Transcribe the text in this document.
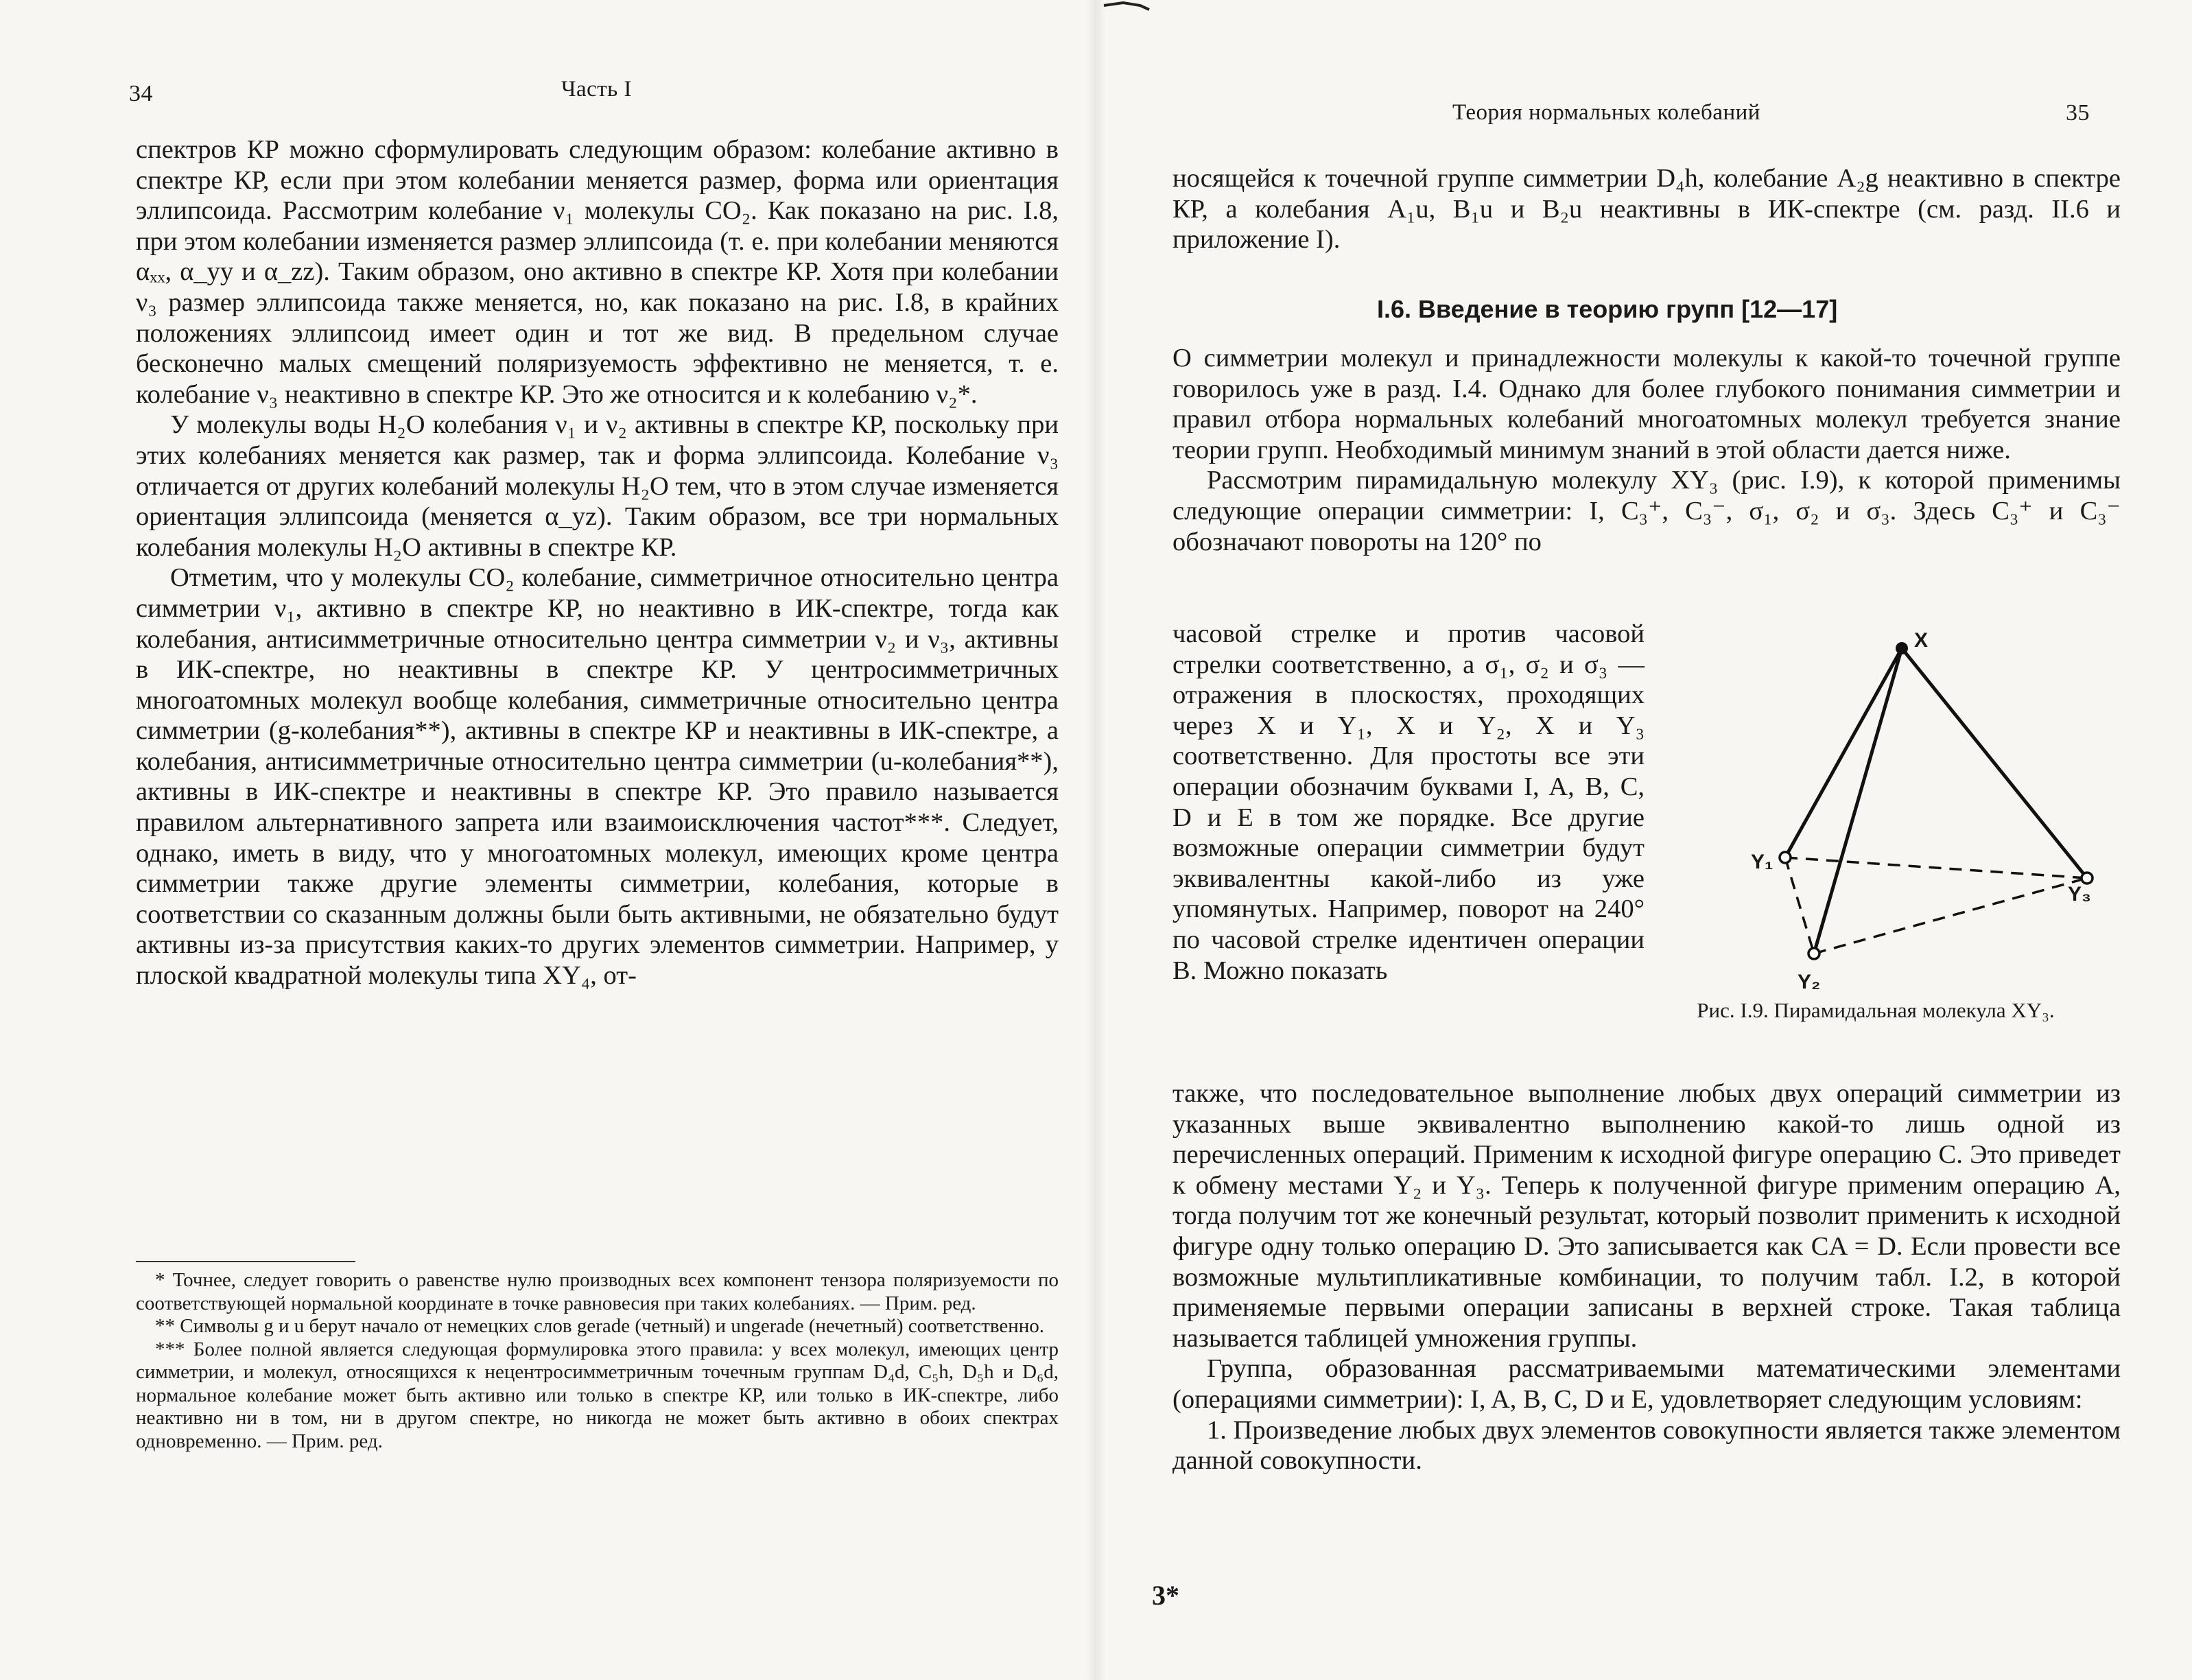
34	Часть I

спектров КР можно сформулировать следующим образом: колебание активно в спектре КР, если при этом колебании меняется размер, форма или ориентация эллипсоида. Рассмотрим колебание ν₁ молекулы CO₂. Как показано на рис. I.8, при этом колебании изменяется размер эллипсоида (т. е. при колебании меняются αₓₓ, α_yy и α_zz). Таким образом, оно активно в спектре КР. Хотя при колебании ν₃ размер эллипсоида также меняется, но, как показано на рис. I.8, в крайних положениях эллипсоид имеет один и тот же вид. В предельном случае бесконечно малых смещений поляризуемость эффективно не меняется, т. е. колебание ν₃ неактивно в спектре КР. Это же относится и к колебанию ν₂*.

У молекулы воды H₂O колебания ν₁ и ν₂ активны в спектре КР, поскольку при этих колебаниях меняется как размер, так и форма эллипсоида. Колебание ν₃ отличается от других колебаний молекулы H₂O тем, что в этом случае изменяется ориентация эллипсоида (меняется α_yz). Таким образом, все три нормальных колебания молекулы H₂O активны в спектре КР.

Отметим, что у молекулы CO₂ колебание, симметричное относительно центра симметрии ν₁, активно в спектре КР, но неактивно в ИК-спектре, тогда как колебания, антисимметричные относительно центра симметрии ν₂ и ν₃, активны в ИК-спектре, но неактивны в спектре КР. У центросимметричных многоатомных молекул вообще колебания, симметричные относительно центра симметрии (g-колебания**), активны в спектре КР и неактивны в ИК-спектре, а колебания, антисимметричные относительно центра симметрии (u-колебания**), активны в ИК-спектре и неактивны в спектре КР. Это правило называется правилом альтернативного запрета или взаимоисключения частот***. Следует, однако, иметь в виду, что у многоатомных молекул, имеющих кроме центра симметрии также другие элементы симметрии, колебания, которые в соответствии со сказанным должны были быть активными, не обязательно будут активны из-за присутствия каких-то других элементов симметрии. Например, у плоской квадратной молекулы типа XY₄, от-

* Точнее, следует говорить о равенстве нулю производных всех компонент тензора поляризуемости по соответствующей нормальной координате в точке равновесия при таких колебаниях. — Прим. ред.

** Символы g и u берут начало от немецких слов gerade (четный) и ungerade (нечетный) соответственно.

*** Более полной является следующая формулировка этого правила: у всех молекул, имеющих центр симметрии, и молекул, относящихся к нецентросимметричным точечным группам D₄d, C₅h, D₅h и D₆d, нормальное колебание может быть активно или только в спектре КР, или только в ИК-спектре, либо неактивно ни в том, ни в другом спектре, но никогда не может быть активно в обоих спектрах одновременно. — Прим. ред.

Теория нормальных колебаний	35

носящейся к точечной группе симметрии D₄h, колебание A₂g неактивно в спектре КР, а колебания A₁u, B₁u и B₂u неактивны в ИК-спектре (см. разд. II.6 и приложение I).

I.6. Введение в теорию групп [12—17]

О симметрии молекул и принадлежности молекулы к какой-то точечной группе говорилось уже в разд. I.4. Однако для более глубокого понимания симметрии и правил отбора нормальных колебаний многоатомных молекул требуется знание теории групп. Необходимый минимум знаний в этой области дается ниже.

Рассмотрим пирамидальную молекулу XY₃ (рис. I.9), к которой применимы следующие операции симметрии: I, C₃⁺, C₃⁻, σ₁, σ₂ и σ₃. Здесь C₃⁺ и C₃⁻ обозначают повороты на 120° по

часовой стрелке и против часовой стрелки соответственно, а σ₁, σ₂ и σ₃ — отражения в плоскостях, проходящих через X и Y₁, X и Y₂, X и Y₃ соответственно. Для простоты все эти операции обозначим буквами I, A, B, C, D и E в том же порядке. Все другие возможные операции симметрии будут эквивалентны какой-либо из уже упомянутых. Например, поворот на 240° по часовой стрелке идентичен операции B. Можно показать

X
Y₁
Y₂
Y₃
Рис. I.9. Пирамидальная молекула XY₃.

также, что последовательное выполнение любых двух операций симметрии из указанных выше эквивалентно выполнению какой-то лишь одной из перечисленных операций. Применим к исходной фигуре операцию C. Это приведет к обмену местами Y₂ и Y₃. Теперь к полученной фигуре применим операцию A, тогда получим тот же конечный результат, который позволит применить к исходной фигуре одну только операцию D. Это записывается как CA = D. Если провести все возможные мультипликативные комбинации, то получим табл. I.2, в которой применяемые первыми операции записаны в верхней строке. Такая таблица называется таблицей умножения группы.

Группа, образованная рассматриваемыми математическими элементами (операциями симметрии): I, A, B, C, D и E, удовлетворяет следующим условиям:

1. Произведение любых двух элементов совокупности является также элементом данной совокупности.

3*
